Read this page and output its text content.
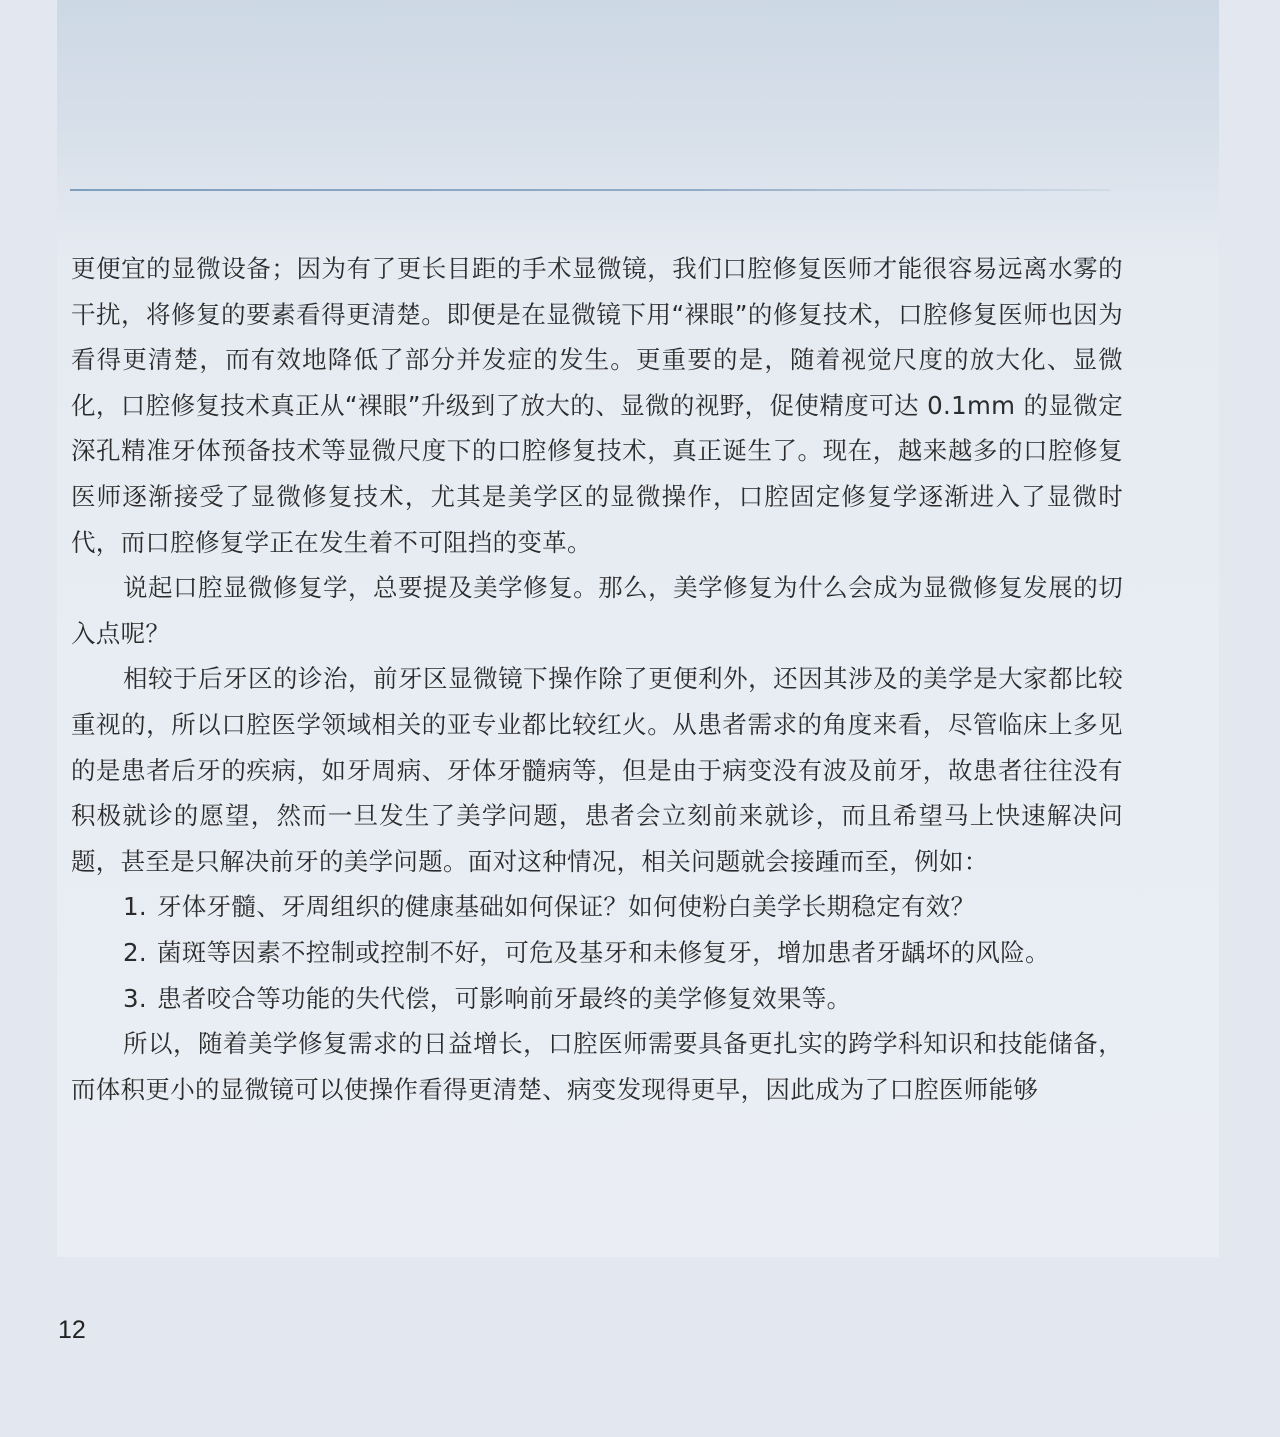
更便宜的显微设备；因为有了更长目距的手术显微镜，我们口腔修复医师才能很容易远离水雾的干扰，将修复的要素看得更清楚。即便是在显微镜下用“裸眼”的修复技术，口腔修复医师也因为看得更清楚，而有效地降低了部分并发症的发生。更重要的是，随着视觉尺度的放大化、显微化，口腔修复技术真正从“裸眼”升级到了放大的、显微的视野，促使精度可达 0.1mm 的显微定深孔精准牙体预备技术等显微尺度下的口腔修复技术，真正诞生了。现在，越来越多的口腔修复医师逐渐接受了显微修复技术，尤其是美学区的显微操作，口腔固定修复学逐渐进入了显微时代，而口腔修复学正在发生着不可阻挡的变革。

说起口腔显微修复学，总要提及美学修复。那么，美学修复为什么会成为显微修复发展的切入点呢？

相较于后牙区的诊治，前牙区显微镜下操作除了更便利外，还因其涉及的美学是大家都比较重视的，所以口腔医学领域相关的亚专业都比较红火。从患者需求的角度来看，尽管临床上多见的是患者后牙的疾病，如牙周病、牙体牙髓病等，但是由于病变没有波及前牙，故患者往往没有积极就诊的愿望，然而一旦发生了美学问题，患者会立刻前来就诊，而且希望马上快速解决问题，甚至是只解决前牙的美学问题。面对这种情况，相关问题就会接踵而至，例如：

1. 牙体牙髓、牙周组织的健康基础如何保证？如何使粉白美学长期稳定有效？
2. 菌斑等因素不控制或控制不好，可危及基牙和未修复牙，增加患者牙龋坏的风险。
3. 患者咬合等功能的失代偿，可影响前牙最终的美学修复效果等。

所以，随着美学修复需求的日益增长，口腔医师需要具备更扎实的跨学科知识和技能储备，而体积更小的显微镜可以使操作看得更清楚、病变发现得更早，因此成为了口腔医师能够

12
